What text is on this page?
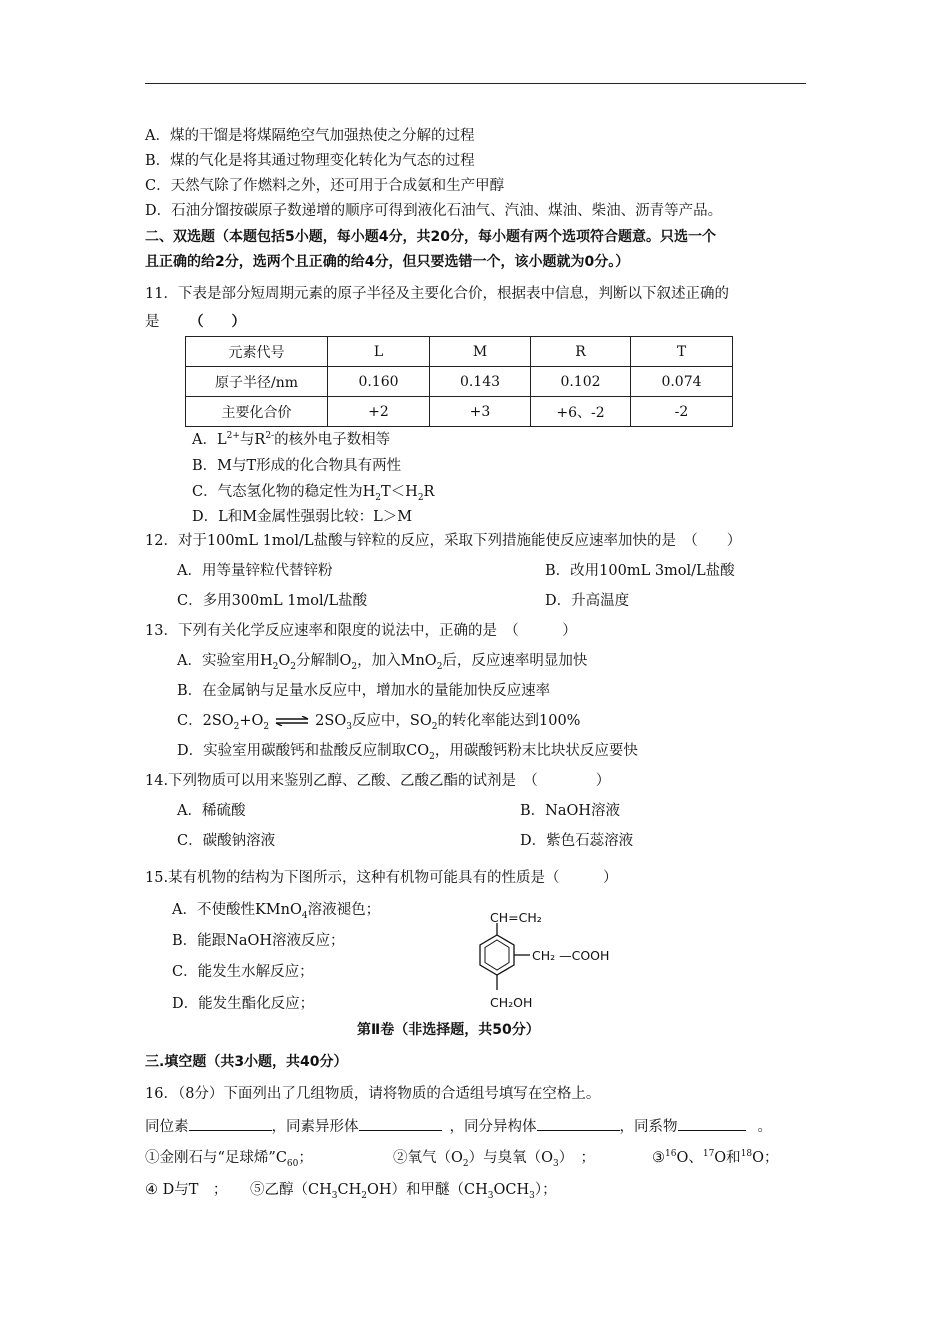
A．煤的干馏是将煤隔绝空气加强热使之分解的过程
B．煤的气化是将其通过物理变化转化为气态的过程
C．天然气除了作燃料之外，还可用于合成氨和生产甲醇
D．石油分馏按碳原子数递增的顺序可得到液化石油气、汽油、煤油、柴油、沥青等产品。
二、双选题（本题包括5小题，每小题4分，共20分，每小题有两个选项符合题意。只选一个
且正确的给2分，选两个且正确的给4分，但只要选错一个，该小题就为0分。）
11．下表是部分短周期元素的原子半径及主要化合价，根据表中信息，判断以下叙述正确的
是 （　　）
元素代号	L	M	R	T
原子半径/nm	0.160	0.143	0.102	0.074
主要化合价	+2	+3	+6、-2	-2
A．$L^{2+}$与$R^{2-}$的核外电子数相等
B．M与T形成的化合物具有两性
C．气态氢化物的稳定性为$H_2T<H_2R$
D．L和M金属性强弱比较：L＞M
12．对于100mL 1mol/L盐酸与锌粒的反应，采取下列措施能使反应速率加快的是　（　　）
A．用等量锌粒代替锌粉	B．改用100mL 3mol/L盐酸
C．多用300mL 1mol/L盐酸	D．升高温度
13．下列有关化学反应速率和限度的说法中，正确的是　（　　　）
A．实验室用$H_2O_2$分解制$O_2$，加入MnO$_2$后，反应速率明显加快
B．在金属钠与足量水反应中，增加水的量能加快反应速率
C．$2SO_2+O_2$ ⇌ $2SO_3$反应中，$SO_2$的转化率能达到100%
D．实验室用碳酸钙和盐酸反应制取$CO_2$，用碳酸钙粉末比块状反应要快
14.下列物质可以用来鉴别乙醇、乙酸、乙酸乙酯的试剂是　（　　　　）
A．稀硫酸	B．NaOH溶液
C．碳酸钠溶液	D．紫色石蕊溶液
15.某有机物的结构为下图所示，这种有机物可能具有的性质是（　　　）
A．不使酸性KMnO$_4$溶液褪色；
B．能跟NaOH溶液反应；
C．能发生水解反应；
D．能发生酯化反应；
CH=CH₂
CH₂ —COOH
CH₂OH
第Ⅱ卷（非选择题，共50分）
三.填空题（共3小题，共40分）
16．（8分）下面列出了几组物质，请将物质的合适组号填写在空格上。
同位素	，同素异形体	，同分异构体	，同系物	。
①金刚石与“足球烯$”C_{60}$；	②氧气$(O_2)$与臭氧$(O_3)$　；	③$^{16}$O、$^{17}$O和$^{18}$O；
④ D与T　； ⑤乙醇$(CH_3CH_2OH)$和甲醚$(CH_3OCH_3)$；
